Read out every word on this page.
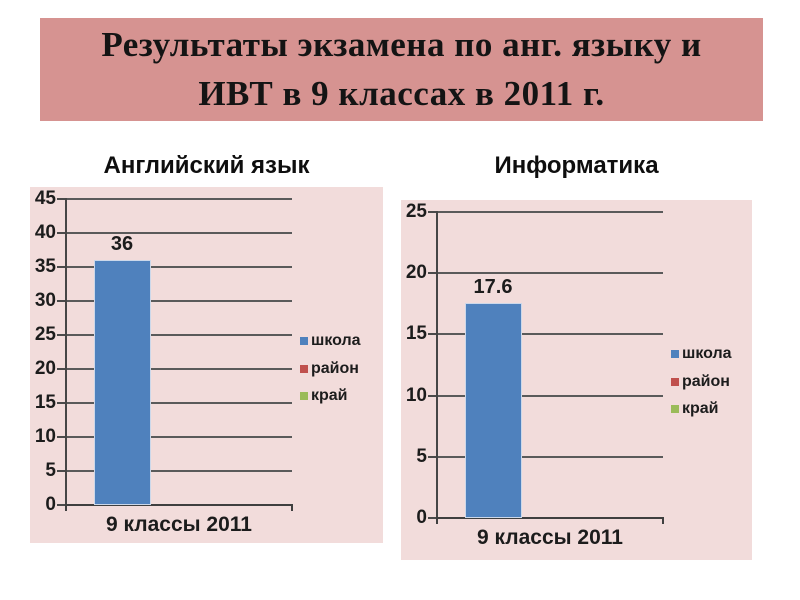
Результаты экзамена по анг. языку и
ИВТ в 9 классах в 2011 г.
Английский язык	Информатика
0
5
10
15
20
25
30
35
40
45
36
школа
район
край
9 классы 2011	0
5
10
15
20
25
17.6
школа
район
край
9 классы 2011
